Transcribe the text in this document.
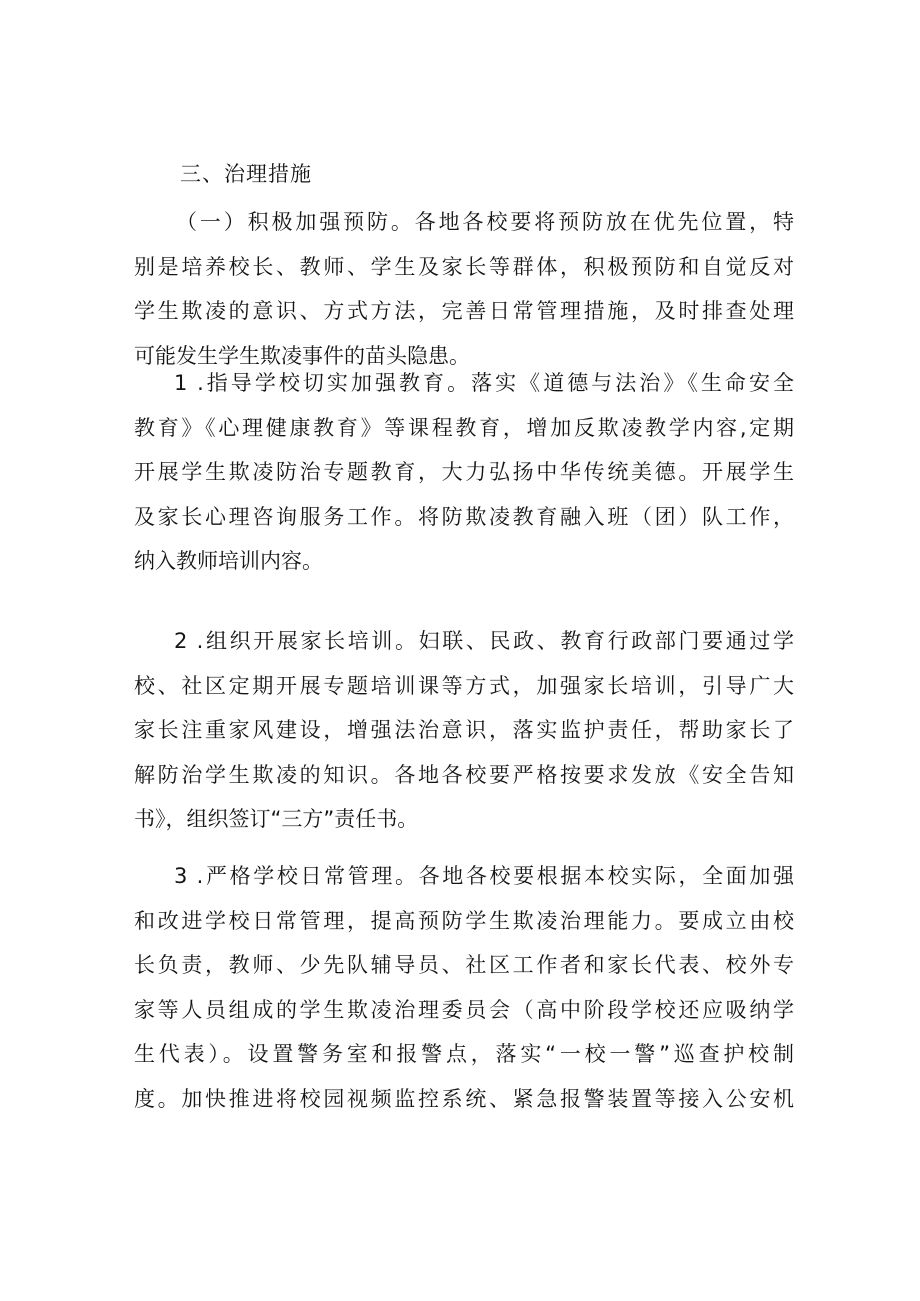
三、治理措施
（一）积极加强预防。各地各校要将预防放在优先位置，特
别是培养校长、教师、学生及家长等群体，积极预防和自觉反对
学生欺凌的意识、方式方法，完善日常管理措施，及时排查处理
可能发生学生欺凌事件的苗头隐患。
1 .指导学校切实加强教育。落实《道德与法治》《生命安全
教育》《心理健康教育》等课程教育，增加反欺凌教学内容,定期
开展学生欺凌防治专题教育，大力弘扬中华传统美德。开展学生
及家长心理咨询服务工作。将防欺凌教育融入班（团）队工作，
纳入教师培训内容。
2 .组织开展家长培训。妇联、民政、教育行政部门要通过学
校、社区定期开展专题培训课等方式，加强家长培训，引导广大
家长注重家风建设，增强法治意识，落实监护责任，帮助家长了
解防治学生欺凌的知识。各地各校要严格按要求发放《安全告知
书》，组织签订“三方”责任书。
3 .严格学校日常管理。各地各校要根据本校实际，全面加强
和改进学校日常管理，提高预防学生欺凌治理能力。要成立由校
长负责，教师、少先队辅导员、社区工作者和家长代表、校外专
家等人员组成的学生欺凌治理委员会（高中阶段学校还应吸纳学
生代表）。设置警务室和报警点，落实“一校一警”巡查护校制
度。加快推进将校园视频监控系统、紧急报警装置等接入公安机
